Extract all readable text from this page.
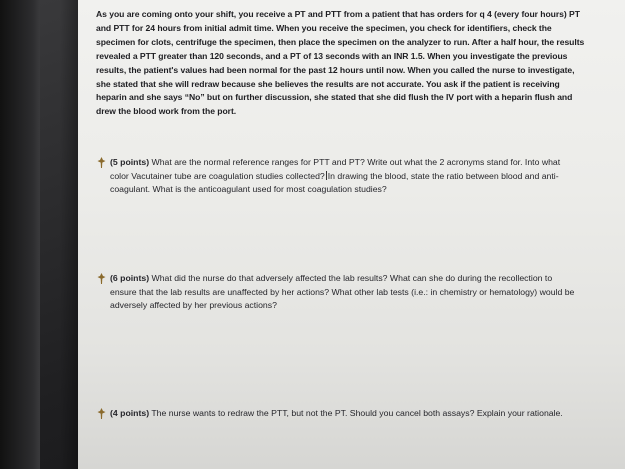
As you are coming onto your shift, you receive a PT and PTT from a patient that has orders for q 4 (every four hours) PT and PTT for 24 hours from initial admit time. When you receive the specimen, you check for identifiers, check the specimen for clots, centrifuge the specimen, then place the specimen on the analyzer to run. After a half hour, the results revealed a PTT greater than 120 seconds, and a PT of 13 seconds with an INR 1.5. When you investigate the previous results, the patient's values had been normal for the past 12 hours until now. When you called the nurse to investigate, she stated that she will redraw because she believes the results are not accurate. You ask if the patient is receiving heparin and she says “No” but on further discussion, she stated that she did flush the IV port with a heparin flush and drew the blood work from the port.

(5 points) What are the normal reference ranges for PTT and PT? Write out what the 2 acronyms stand for. Into what color Vacutainer tube are coagulation studies collected? In drawing the blood, state the ratio between blood and anti-coagulant. What is the anticoagulant used for most coagulation studies?
(6 points) What did the nurse do that adversely affected the lab results? What can she do during the recollection to ensure that the lab results are unaffected by her actions? What other lab tests (i.e.: in chemistry or hematology) would be adversely affected by her previous actions?
(4 points) The nurse wants to redraw the PTT, but not the PT. Should you cancel both assays? Explain your rationale.
